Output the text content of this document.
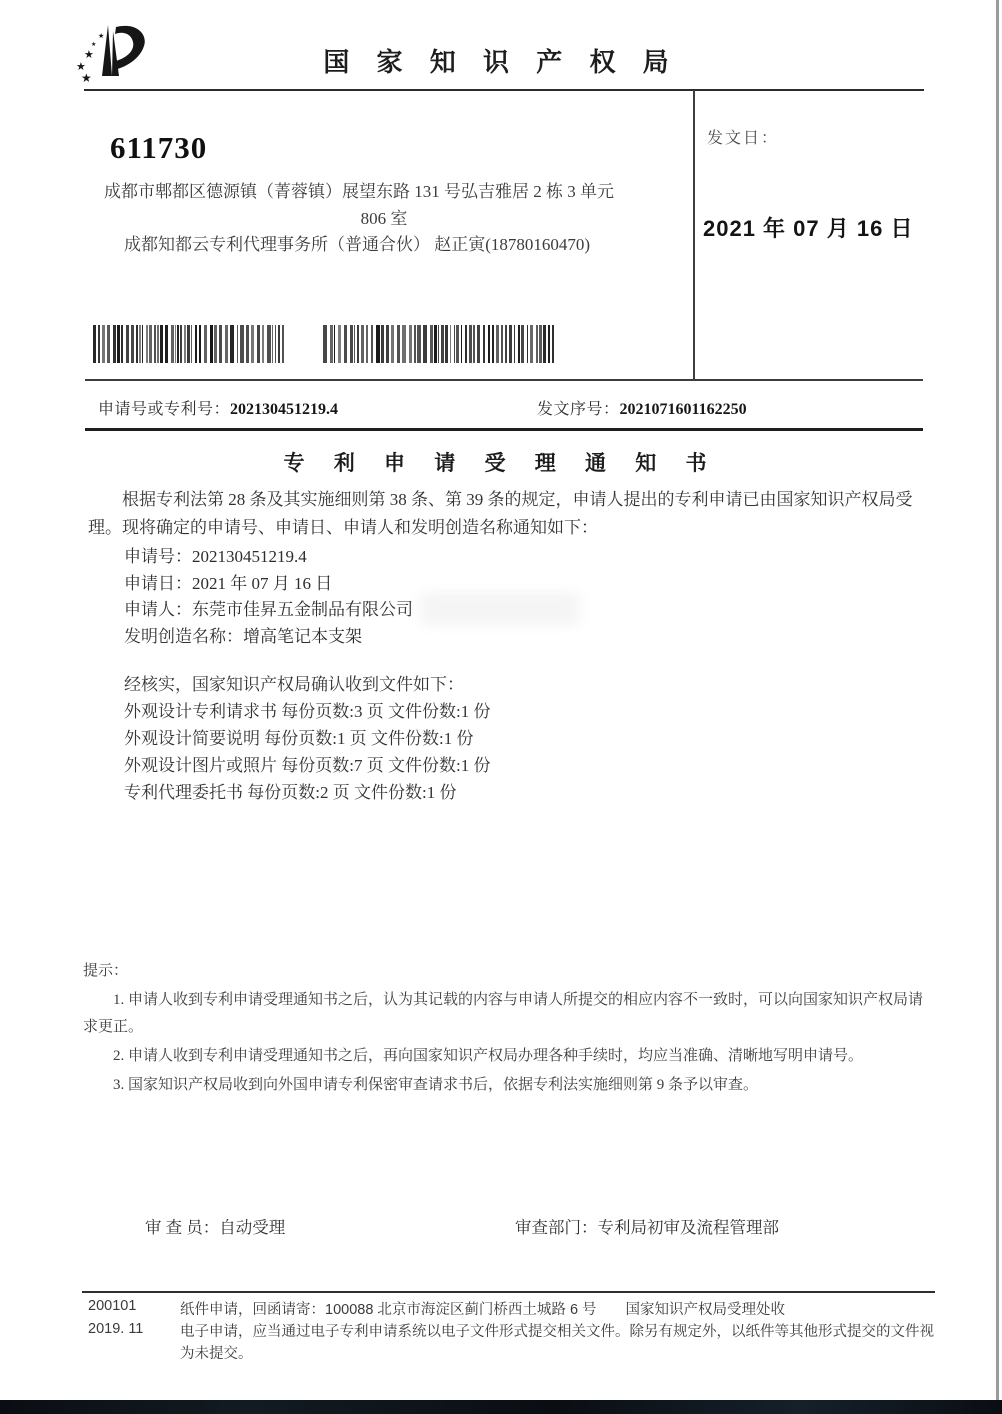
★
★
★
★
★
国 家 知 识 产 权 局
611730
成都市郫都区德源镇（菁蓉镇）展望东路 131 号弘吉雅居 2 栋 3 单元
806 室
成都知都云专利代理事务所（普通合伙） 赵正寅(18780160470)
发文日：
2021 年 07 月 16 日
申请号或专利号：202130451219.4	发文序号：2021071601162250
专 利 申 请 受 理 通 知 书
根据专利法第 28 条及其实施细则第 38 条、第 39 条的规定，申请人提出的专利申请已由国家知识产权局受理。现将确定的申请号、申请日、申请人和发明创造名称通知如下：
申请号：202130451219.4
申请日：2021 年 07 月 16 日
申请人：东莞市佳昇五金制品有限公司
发明创造名称：增高笔记本支架
经核实，国家知识产权局确认收到文件如下：
外观设计专利请求书 每份页数:3 页 文件份数:1 份
外观设计简要说明 每份页数:1 页 文件份数:1 份
外观设计图片或照片 每份页数:7 页 文件份数:1 份
专利代理委托书 每份页数:2 页 文件份数:1 份
提示：
1. 申请人收到专利申请受理通知书之后，认为其记载的内容与申请人所提交的相应内容不一致时，可以向国家知识产权局请求更正。
2. 申请人收到专利申请受理通知书之后，再向国家知识产权局办理各种手续时，均应当准确、清晰地写明申请号。
3. 国家知识产权局收到向外国申请专利保密审查请求书后，依据专利法实施细则第 9 条予以审查。
审 查 员：自动受理	审查部门：专利局初审及流程管理部
200101
2019. 11
纸件申请，回函请寄：100088 北京市海淀区蓟门桥西土城路 6 号　　国家知识产权局受理处收
电子申请，应当通过电子专利申请系统以电子文件形式提交相关文件。除另有规定外，以纸件等其他形式提交的文件视为未提交。
